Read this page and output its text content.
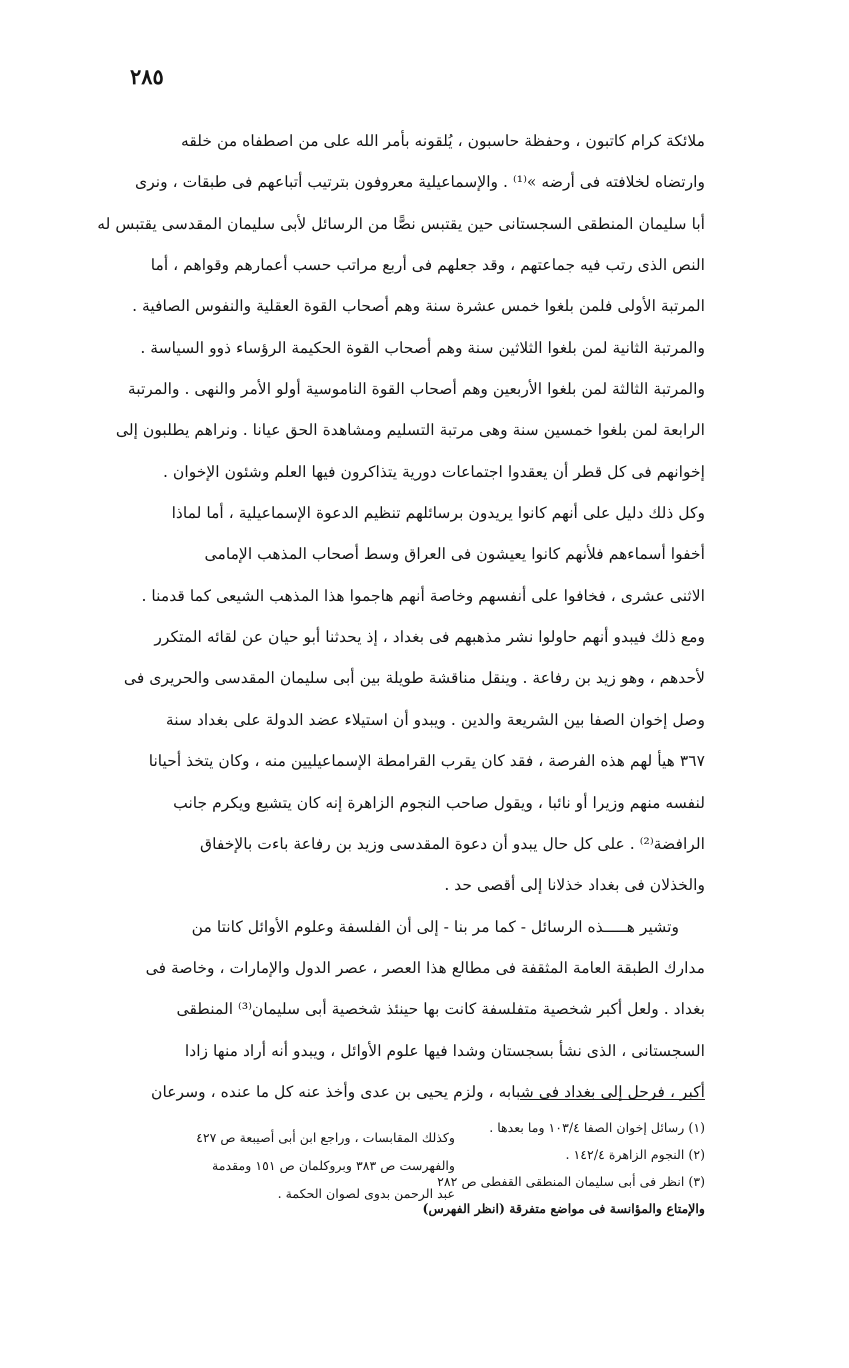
٢٨٥
ملائكة كرام كاتبون ، وحفظة حاسبون ، يُلقونه بأمر الله على من اصطفاه من خلقه
وارتضاه لخلافته فى أرضه »⁽¹⁾ . والإسماعيلية معروفون بترتيب أتباعهم فى طبقات ، ونرى
أبا سليمان المنطقى السجستانى حين يقتبس نصًّا من الرسائل لأبى سليمان المقدسى يقتبس له
النص الذى رتب فيه جماعتهم ، وقد جعلهم فى أربع مراتب حسب أعمارهم وقواهم ، أما
المرتبة الأولى فلمن بلغوا خمس عشرة سنة وهم أصحاب القوة العقلية والنفوس الصافية .
والمرتبة الثانية لمن بلغوا الثلاثين سنة وهم أصحاب القوة الحكيمة الرؤساء ذوو السياسة .
والمرتبة الثالثة لمن بلغوا الأربعين وهم أصحاب القوة الناموسية أولو الأمر والنهى . والمرتبة
الرابعة لمن بلغوا خمسين سنة وهى مرتبة التسليم ومشاهدة الحق عيانا . ونراهم يطلبون إلى
إخوانهم فى كل قطر أن يعقدوا اجتماعات دورية يتذاكرون فيها العلم وشئون الإخوان .
وكل ذلك دليل على أنهم كانوا يريدون برسائلهم تنظيم الدعوة الإسماعيلية ، أما لماذا
أخفوا أسماءهم فلأنهم كانوا يعيشون فى العراق وسط أصحاب المذهب الإمامى
الاثنى عشرى ، فخافوا على أنفسهم وخاصة أنهم هاجموا هذا المذهب الشيعى كما قدمنا .
ومع ذلك فيبدو أنهم حاولوا نشر مذهبهم فى بغداد ، إذ يحدثنا أبو حيان عن لقائه المتكرر
لأحدهم ، وهو زيد بن رفاعة . وينقل مناقشة طويلة بين أبى سليمان المقدسى والحريرى فى
وصل إخوان الصفا بين الشريعة والدين . ويبدو أن استيلاء عضد الدولة على بغداد سنة
٣٦٧ هيأ لهم هذه الفرصة ، فقد كان يقرب القرامطة الإسماعيليين منه ، وكان يتخذ أحيانا
لنفسه منهم وزيرا أو نائبا ، ويقول صاحب النجوم الزاهرة إنه كان يتشيع ويكرم جانب
الرافضة⁽²⁾ . على كل حال يبدو أن دعوة المقدسى وزيد بن رفاعة باءت بالإخفاق
والخذلان فى بغداد خذلانا إلى أقصى حد .
وتشير هـــــذه الرسائل - كما مر بنا - إلى أن الفلسفة وعلوم الأوائل كانتا من
مدارك الطبقة العامة المثقفة فى مطالع هذا العصر ، عصر الدول والإمارات ، وخاصة فى
بغداد . ولعل أكبر شخصية متفلسفة كانت بها حينئذ شخصية أبى سليمان⁽³⁾ المنطقى
السجستانى ، الذى نشأ بسجستان وشدا فيها علوم الأوائل ، ويبدو أنه أراد منها زادا
أكبر ، فرحل إلى بغداد فى شبابه ، ولزم يحيى بن عدى وأخذ عنه كل ما عنده ، وسرعان
(١) رسائل إخوان الصفا ١٠٣/٤ وما بعدها .
(٢) النجوم الزاهرة ١٤٢/٤ .
(٣) انظر فى أبى سليمان المنطقى القفطى ص ٢٨٢
والإمتاع والمؤانسة فى مواضع متفرقة (انظر الفهرس)
وكذلك المقابسات ، وراجع ابن أبى أصيبعة ص ٤٢٧
والفهرست ص ٣٨٣ وبروكلمان ص ١٥١ ومقدمة
عبد الرحمن بدوى لصوان الحكمة .
